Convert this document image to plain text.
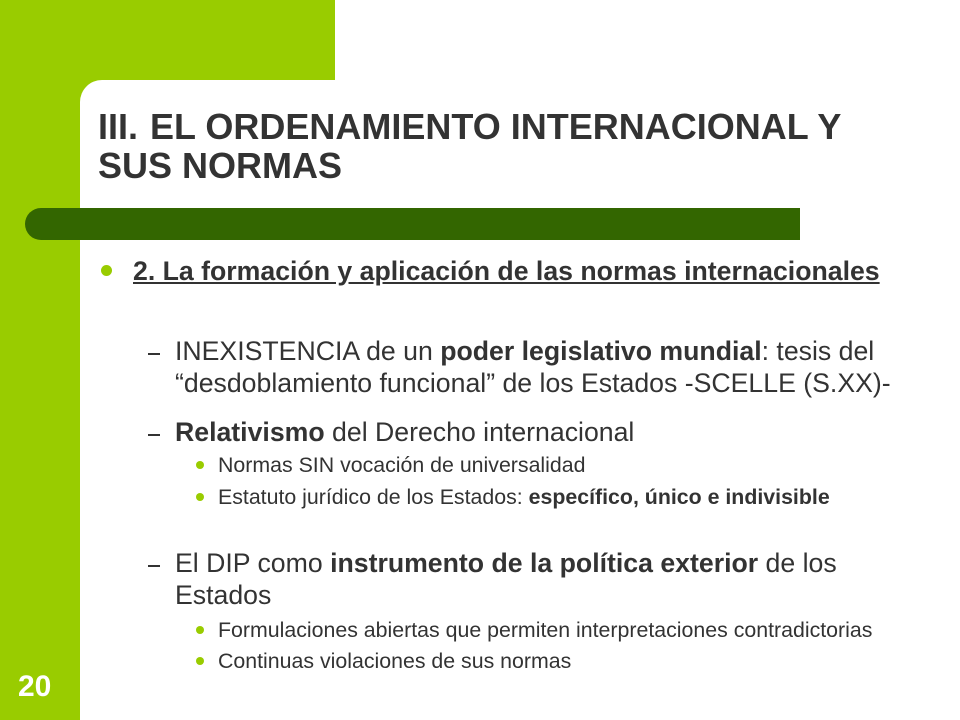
III. EL ORDENAMIENTO INTERNACIONAL Y SUS NORMAS
2. La formación y aplicación de las normas internacionales
INEXISTENCIA de un poder legislativo mundial: tesis del “desdoblamiento funcional” de los Estados -SCELLE (S.XX)-
Relativismo del Derecho internacional
Normas SIN vocación de universalidad
Estatuto jurídico de los Estados: específico, único e indivisible
El DIP como instrumento de la política exterior de los Estados
Formulaciones abiertas que permiten interpretaciones contradictorias
Continuas violaciones de sus normas
20
